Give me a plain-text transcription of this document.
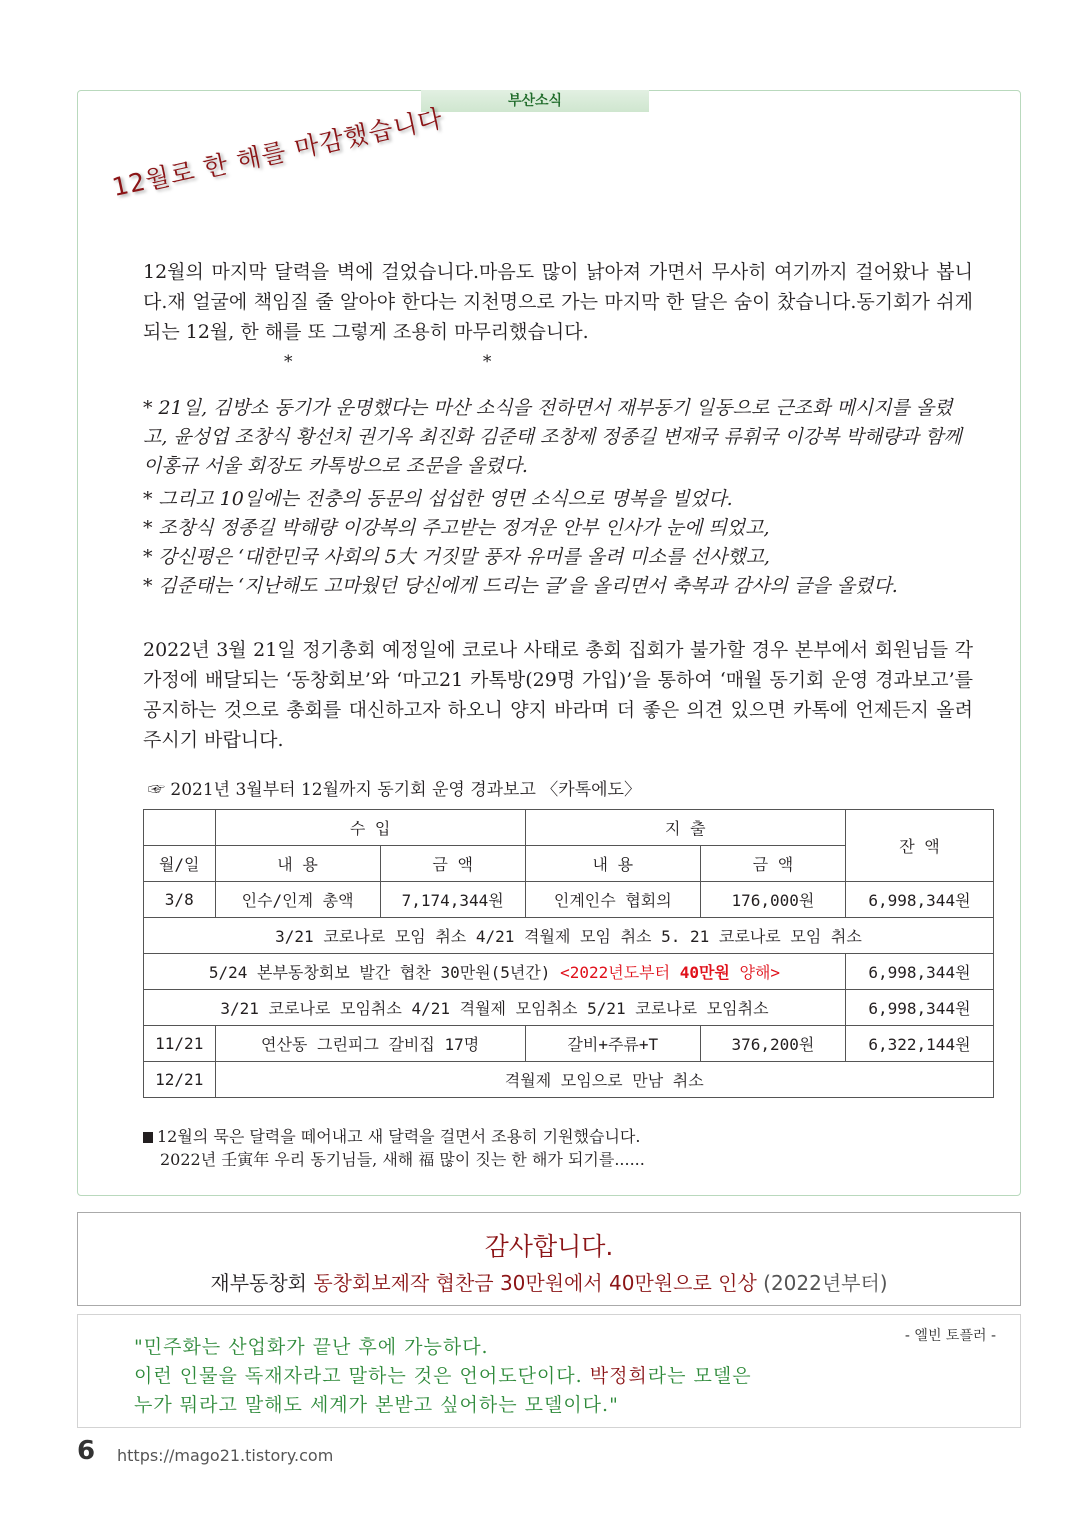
부산소식
12월로 한 해를 마감했습니다

12월의 마지막 달력을 벽에 걸었습니다.마음도 많이 낡아져 가면서 무사히 여기까지 걸어왔나 봅니다.재 얼굴에 책임질 줄 알아야 한다는 지천명으로 가는 마지막 한 달은 숨이 찼습니다.동기회가 쉬게 되는 12월, 한 해를 또 그렇게 조용히 마무리했습니다.

*	*

* 21일, 김방소 동기가 운명했다는 마산 소식을 전하면서 재부동기 일동으로 근조화 메시지를 올렸고, 윤성업 조창식 황선치 권기옥 최진화 김준태 조창제 정종길 변재국 류휘국 이강복 박해량과 함께 이홍규 서울 회장도 카톡방으로 조문을 올렸다.

* 그리고 10일에는 전충의 동문의 섭섭한 영면 소식으로 명복을 빌었다.

* 조창식 정종길 박해량 이강복의 주고받는 정겨운 안부 인사가 눈에 띄었고,

* 강신평은 ‘대한민국 사회의 5大 거짓말 풍자 유머를 올려 미소를 선사했고,

* 김준태는 ‘지난해도 고마웠던 당신에게 드리는 글’을 올리면서 축복과 감사의 글을 올렸다.

2022년 3월 21일 정기총회 예정일에 코로나 사태로 총회 집회가 불가할 경우 본부에서 회원님들 각 가정에 배달되는 ‘동창회보’와 ‘마고21 카톡방(29명 가입)’을 통하여 ‘매월 동기회 운영 경과보고’를 공지하는 것으로 총회를 대신하고자 하오니 양지 바라며 더 좋은 의견 있으면 카톡에 언제든지 올려 주시기 바랍니다.

☞ 2021년 3월부터 12월까지 동기회 운영 경과보고 〈카톡에도〉
	수 입		지 출		잔 액
월/일	내 용	금 액	내 용	금 액	
3/8	인수/인계 총액	7,174,344원	인계인수 협회의	176,000원	6,998,344원
3/21 코로나로 모임 취소 4/21 격월제 모임 취소 5. 21 코로나로 모임 취소					
5/24 본부동창회보 발간 협찬 30만원(5년간) <2022년도부터 40만원 양해>					6,998,344원
3/21 코로나로 모임취소 4/21 격월제 모임취소 5/21 코로나로 모임취소					6,998,344원
11/21	연산동 그린피그 갈비집 17명		갈비+주류+T	376,200원	6,322,144원
12/21	격월제 모임으로 만남 취소				
12월의 묵은 달력을 떼어내고 새 달력을 걸면서 조용히 기원했습니다.
2022년 壬寅年 우리 동기님들, 새해 福 많이 짓는 한 해가 되기를......
감사합니다.
재부동창회 동창회보제작 협찬금 30만원에서 40만원으로 인상 (2022년부터)
- 엘빈 토플러 -
"민주화는 산업화가 끝난 후에 가능하다.
이런 인물을 독재자라고 말하는 것은 언어도단이다. 박정희라는 모델은
누가 뭐라고 말해도 세계가 본받고 싶어하는 모델이다."
6 https://mago21.tistory.com
